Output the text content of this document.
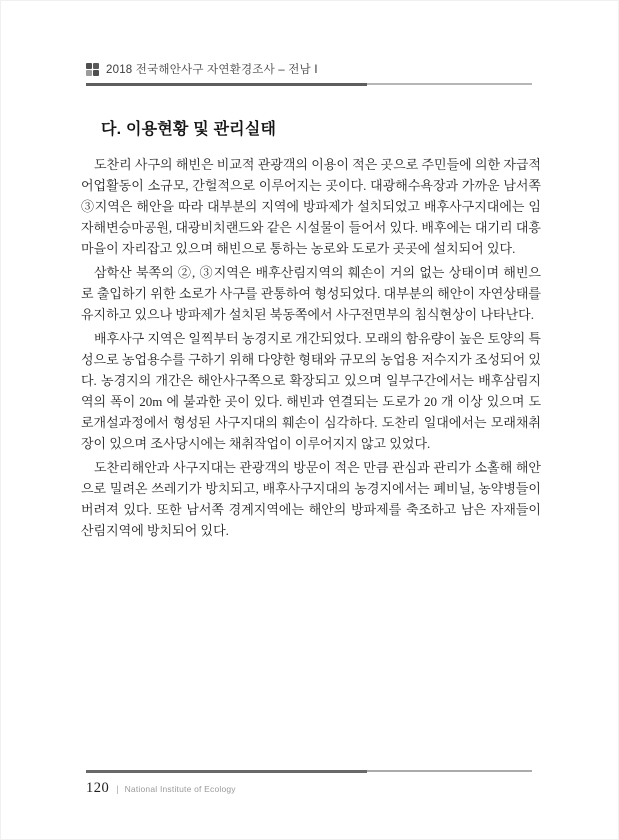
2018 전국해안사구 자연환경조사 – 전남 Ⅰ
다. 이용현황 및 관리실태

도찬리 사구의 해빈은 비교적 관광객의 이용이 적은 곳으로 주민들에 의한 자급적 어업활동이 소규모, 간헐적으로 이루어지는 곳이다. 대광해수욕장과 가까운 남서쪽 ③지역은 해안을 따라 대부분의 지역에 방파제가 설치되었고 배후사구지대에는 임자해변승마공원, 대광비치랜드와 같은 시설물이 들어서 있다. 배후에는 대기리 대흥마을이 자리잡고 있으며 해빈으로 통하는 농로와 도로가 곳곳에 설치되어 있다.

삼학산 북쪽의 ②, ③지역은 배후산림지역의 훼손이 거의 없는 상태이며 해빈으로 출입하기 위한 소로가 사구를 관통하여 형성되었다. 대부분의 해안이 자연상태를 유지하고 있으나 방파제가 설치된 북동쪽에서 사구전면부의 침식현상이 나타난다.

배후사구 지역은 일찍부터 농경지로 개간되었다. 모래의 함유량이 높은 토양의 특성으로 농업용수를 구하기 위해 다양한 형태와 규모의 농업용 저수지가 조성되어 있다. 농경지의 개간은 해안사구쪽으로 확장되고 있으며 일부구간에서는 배후삼림지역의 폭이 20m 에 불과한 곳이 있다. 해빈과 연결되는 도로가 20 개 이상 있으며 도로개설과정에서 형성된 사구지대의 훼손이 심각하다. 도찬리 일대에서는 모래채취장이 있으며 조사당시에는 채취작업이 이루어지지 않고 있었다.

도찬리해안과 사구지대는 관광객의 방문이 적은 만큼 관심과 관리가 소홀해 해안으로 밀려온 쓰레기가 방치되고, 배후사구지대의 농경지에서는 폐비닐, 농약병들이 버려져 있다. 또한 남서쪽 경계지역에는 해안의 방파제를 축조하고 남은 자재들이 산림지역에 방치되어 있다.

120 | National Institute of Ecology
